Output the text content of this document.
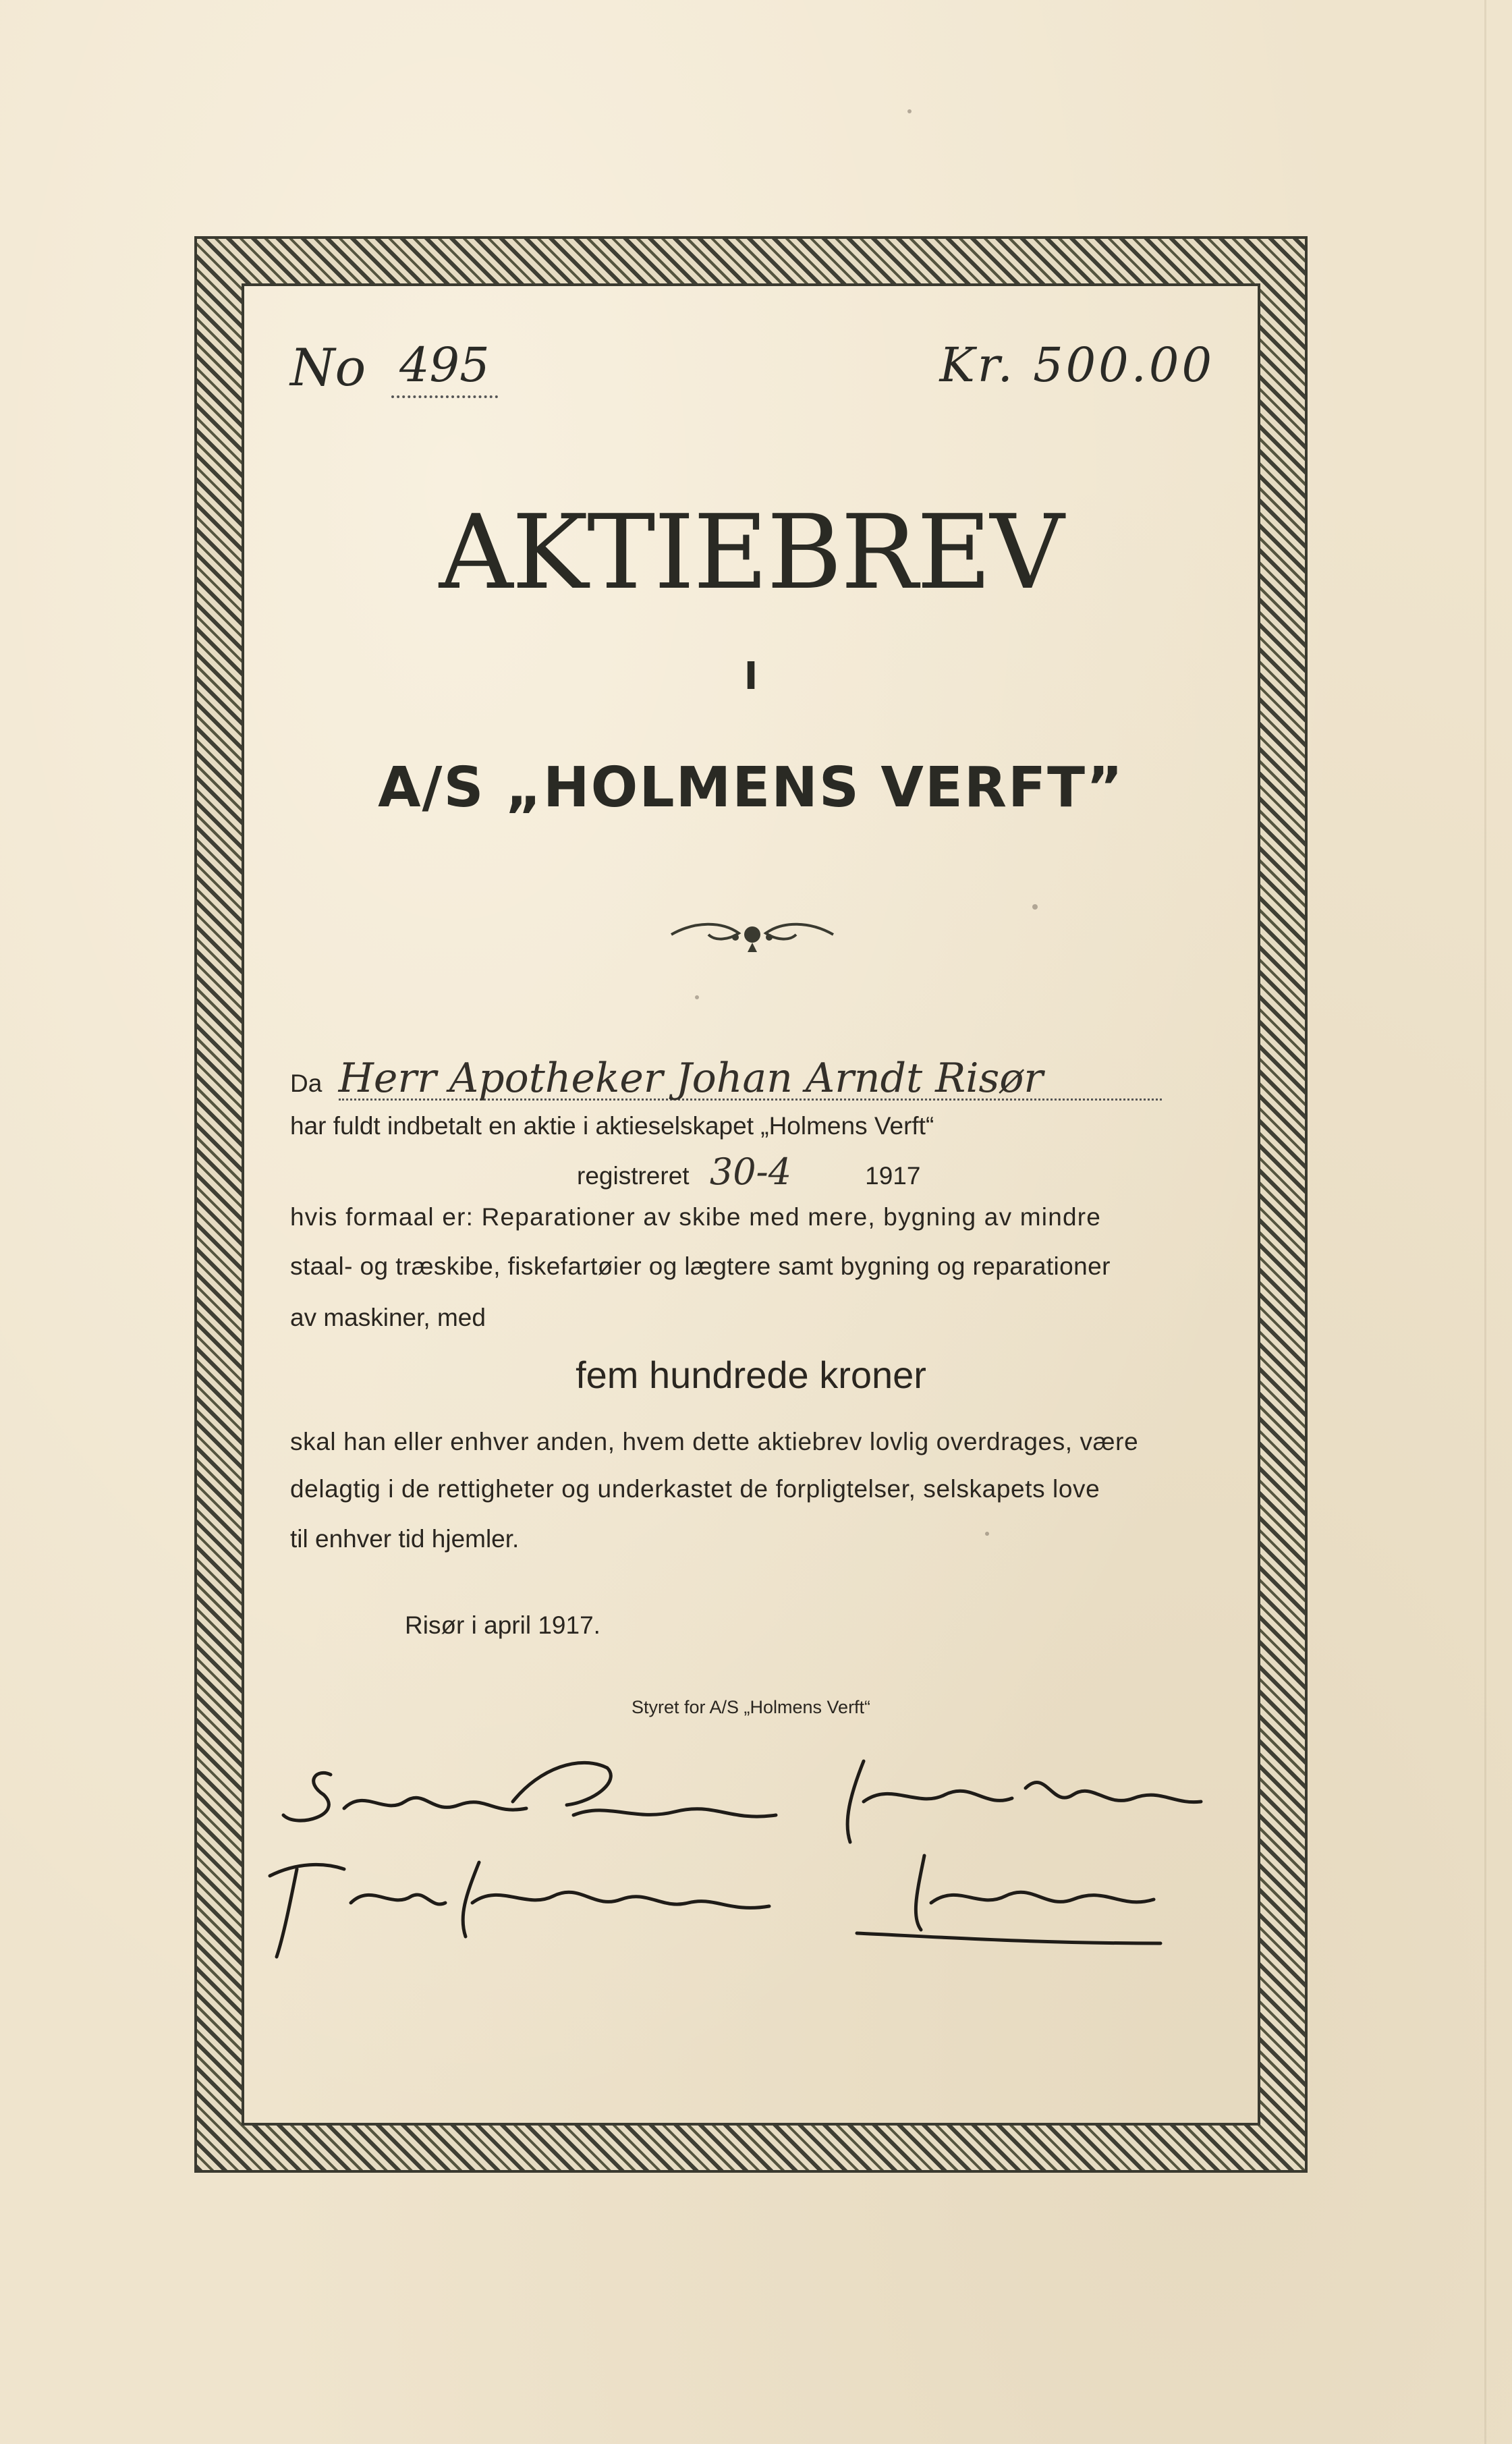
No 495	Kr. 500.00
AKTIEBREV
I
A/S „HOLMENS VERFT”
Da Herr Apotheker Johan Arndt Risør
har fuldt indbetalt en aktie i aktieselskapet „Holmens Verft“
registreret 30-4	1917
hvis formaal er: Reparationer av skibe med mere, bygning av mindre
staal- og træskibe, fiskefartøier og lægtere samt bygning og reparationer
av maskiner, med
fem hundrede kroner
skal han eller enhver anden, hvem dette aktiebrev lovlig overdrages, være
delagtig i de rettigheter og underkastet de forpligtelser, selskapets love
til enhver tid hjemler.
Risør i april 1917.
Styret for A/S „Holmens Verft“
